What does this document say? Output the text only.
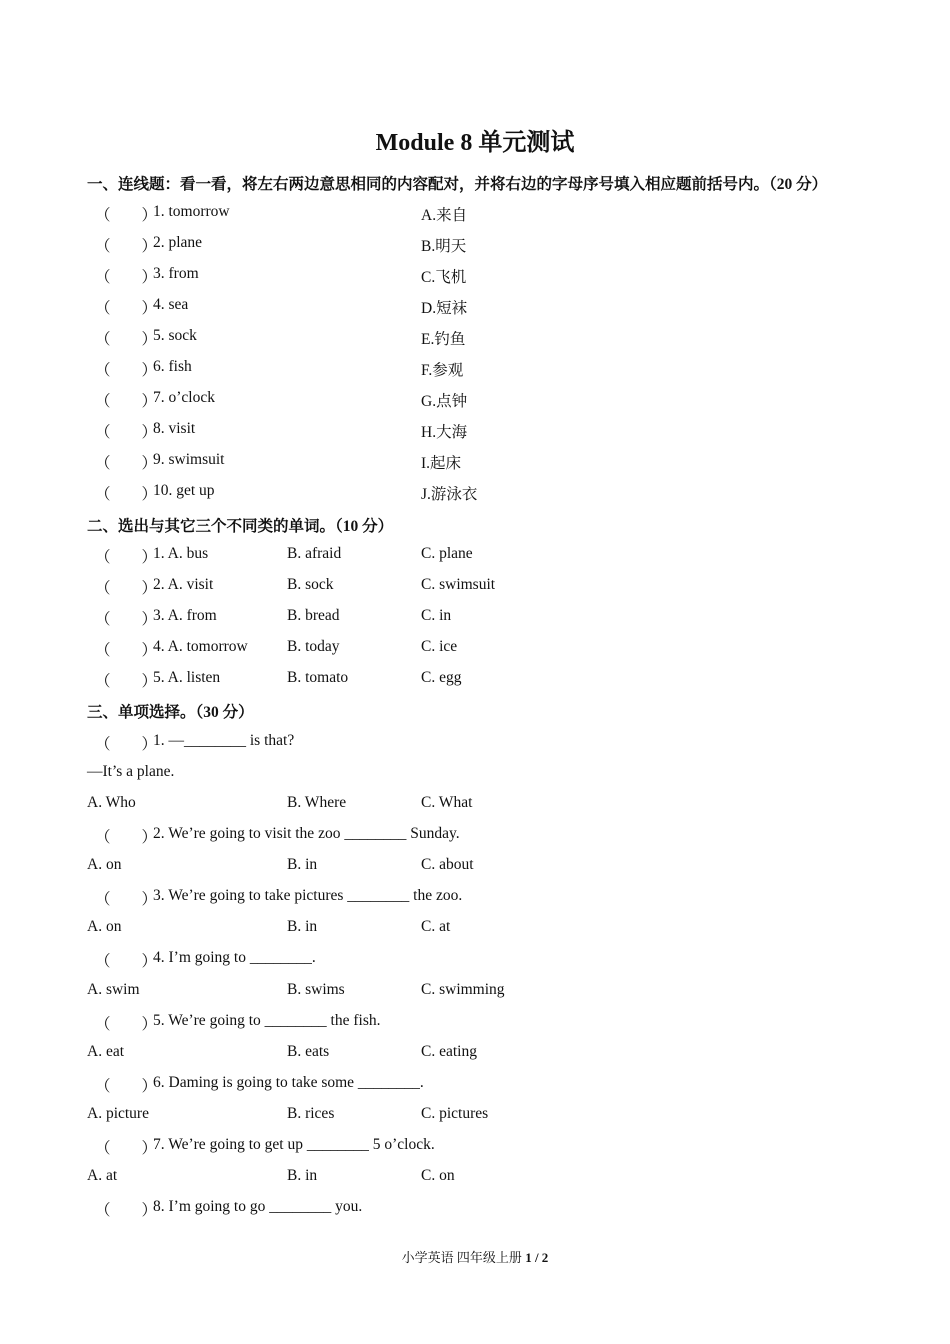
Module 8 单元测试
一、连线题：看一看，将左右两边意思相同的内容配对，并将右边的字母序号填入相应题前括号内。（20 分）
（　　）
1. tomorrow	A.来自
（　　）
2. plane	B.明天
（　　）
3. from	C.飞机
（　　）
4. sea	D.短袜
（　　）
5. sock	E.钓鱼
（　　）
6. fish	F.参观
（　　）
7. o’clock	G.点钟
（　　）
8. visit	H.大海
（　　）
9. swimsuit	I.起床
（　　）
10. get up	J.游泳衣
二、选出与其它三个不同类的单词。（10 分）
（　　）
1. A. bus	B. afraid	C. plane
（　　）
2. A. visit	B. sock	C. swimsuit
（　　）
3. A. from	B. bread	C. in
（　　）
4. A. tomorrow	B. today	C. ice
（　　）
5. A. listen	B. tomato	C. egg
三、单项选择。（30 分）
（　　）
1. —________ is that?
—It’s a plane.
A. Who	B. Where	C. What
（　　）
2. We’re going to visit the zoo ________ Sunday.
A. on	B. in	C. about
（　　）
3. We’re going to take pictures ________ the zoo.
A. on	B. in	C. at
（　　）
4. I’m going to ________.
A. swim	B. swims	C. swimming
（　　）
5. We’re going to ________ the fish.
A. eat	B. eats	C. eating
（　　）
6. Daming is going to take some ________.
A. picture	B. rices	C. pictures
（　　）
7. We’re going to get up ________ 5 o’clock.
A. at	B. in	C. on
（　　）
8. I’m going to go ________ you.
小学英语 四年级上册 1 / 2
